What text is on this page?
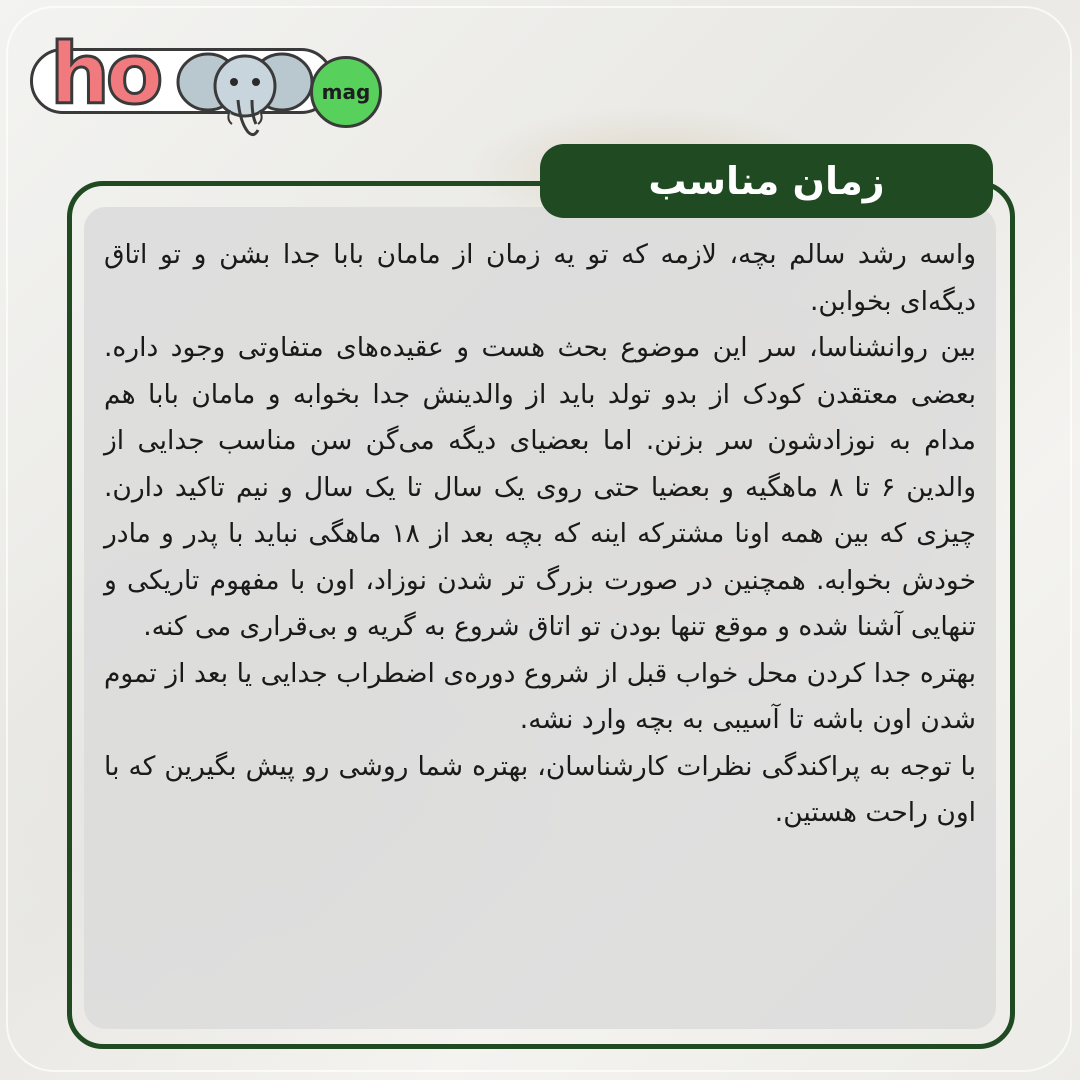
ho	mag
زمان مناسب

واسه رشد سالم بچه، لازمه که تو یه زمان از مامان بابا جدا بشن و تو اتاق دیگه‌ای بخوابن.

بین روانشناسا، سر این موضوع بحث هست و عقیده‌های متفاوتی وجود داره. بعضی معتقدن کودک از بدو تولد باید از والدینش جدا بخوابه و مامان بابا هم مدام به نوزادشون سر بزنن. اما بعضیای دیگه می‌گن سن مناسب جدایی از والدین ۶ تا ۸ ماهگیه و بعضیا حتی روی یک سال تا یک سال و نیم تاکید دارن. چیزی که بین همه اونا مشترکه اینه که بچه بعد از ۱۸ ماهگی نباید با پدر و مادر خودش بخوابه. همچنین در صورت بزرگ تر شدن نوزاد، اون با مفهوم تاریکی و تنهایی آشنا شده و موقع تنها بودن تو اتاق شروع به گریه و بی‌قراری می کنه.

بهتره جدا کردن محل خواب قبل از شروع دوره‌ی اضطراب جدایی یا بعد از تموم شدن اون باشه تا آسیبی به بچه وارد نشه.

با توجه به پراکندگی نظرات کارشناسان، بهتره شما روشی رو پیش بگیرین که با اون راحت هستین.
